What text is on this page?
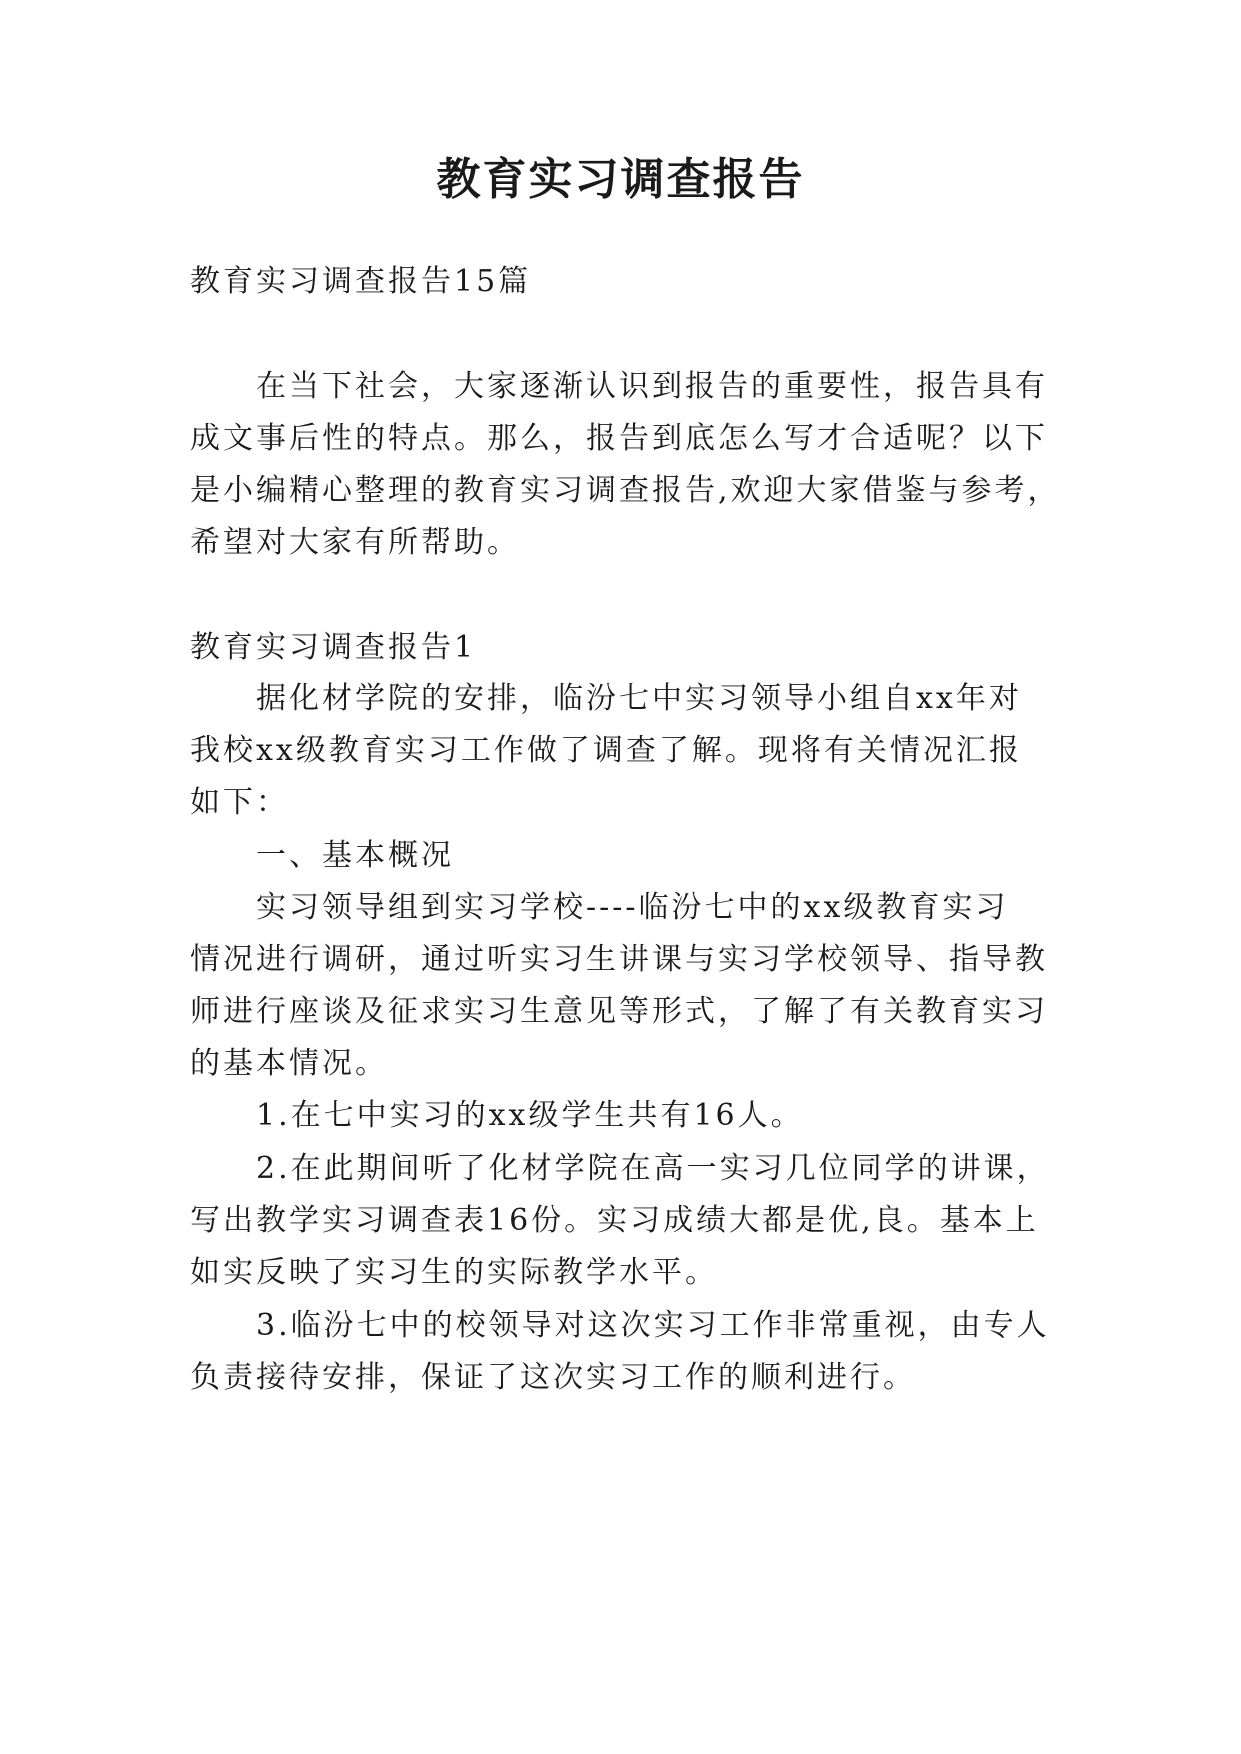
教育实习调查报告
教育实习调查报告15篇
在当下社会，大家逐渐认识到报告的重要性，报告具有
成文事后性的特点。那么，报告到底怎么写才合适呢？以下
是小编精心整理的教育实习调查报告,欢迎大家借鉴与参考，
希望对大家有所帮助。
教育实习调查报告1
据化材学院的安排，临汾七中实习领导小组自xx年对
我校xx级教育实习工作做了调查了解。现将有关情况汇报
如下：
一、基本概况
实习领导组到实习学校----临汾七中的xx级教育实习
情况进行调研，通过听实习生讲课与实习学校领导、指导教
师进行座谈及征求实习生意见等形式，了解了有关教育实习
的基本情况。
1.在七中实习的xx级学生共有16人。
2.在此期间听了化材学院在高一实习几位同学的讲课，
写出教学实习调查表16份。实习成绩大都是优,良。基本上
如实反映了实习生的实际教学水平。
3.临汾七中的校领导对这次实习工作非常重视，由专人
负责接待安排，保证了这次实习工作的顺利进行。
